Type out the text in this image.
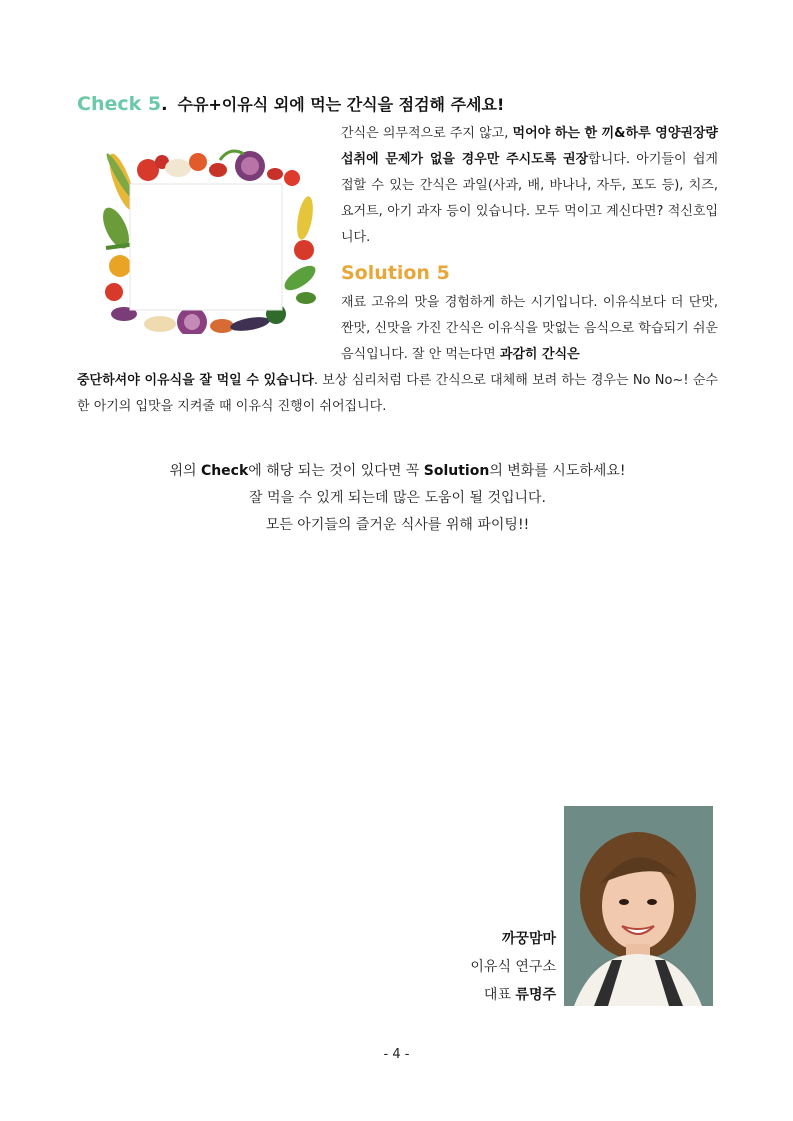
Check 5. 수유+이유식 외에 먹는 간식을 점검해 주세요!
간식은 의무적으로 주지 않고, 먹어야 하는 한 끼&하루 영양권장량 섭취에 문제가 없을 경우만 주시도록 권장합니다. 아기들이 쉽게 접할 수 있는 간식은 과일(사과, 배, 바나나, 자두, 포도 등), 치즈, 요거트, 아기 과자 등이 있습니다. 모두 먹이고 계신다면? 적신호입니다.
Solution 5
재료 고유의 맛을 경험하게 하는 시기입니다. 이유식보다 더 단맛, 짠맛, 신맛을 가진 간식은 이유식을 맛없는 음식으로 학습되기 쉬운 음식입니다. 잘 안 먹는다면 과감히 간식은
중단하셔야 이유식을 잘 먹일 수 있습니다. 보상 심리처럼 다른 간식으로 대체해 보려 하는 경우는 No No~! 순수한 아기의 입맛을 지켜줄 때 이유식 진행이 쉬어집니다.
위의 Check에 해당 되는 것이 있다면 꼭 Solution의 변화를 시도하세요!
잘 먹을 수 있게 되는데 많은 도움이 될 것입니다.
모든 아기들의 즐거운 식사를 위해 파이팅!!
까꿍맘마
이유식 연구소
대표 류명주
- 4 -
